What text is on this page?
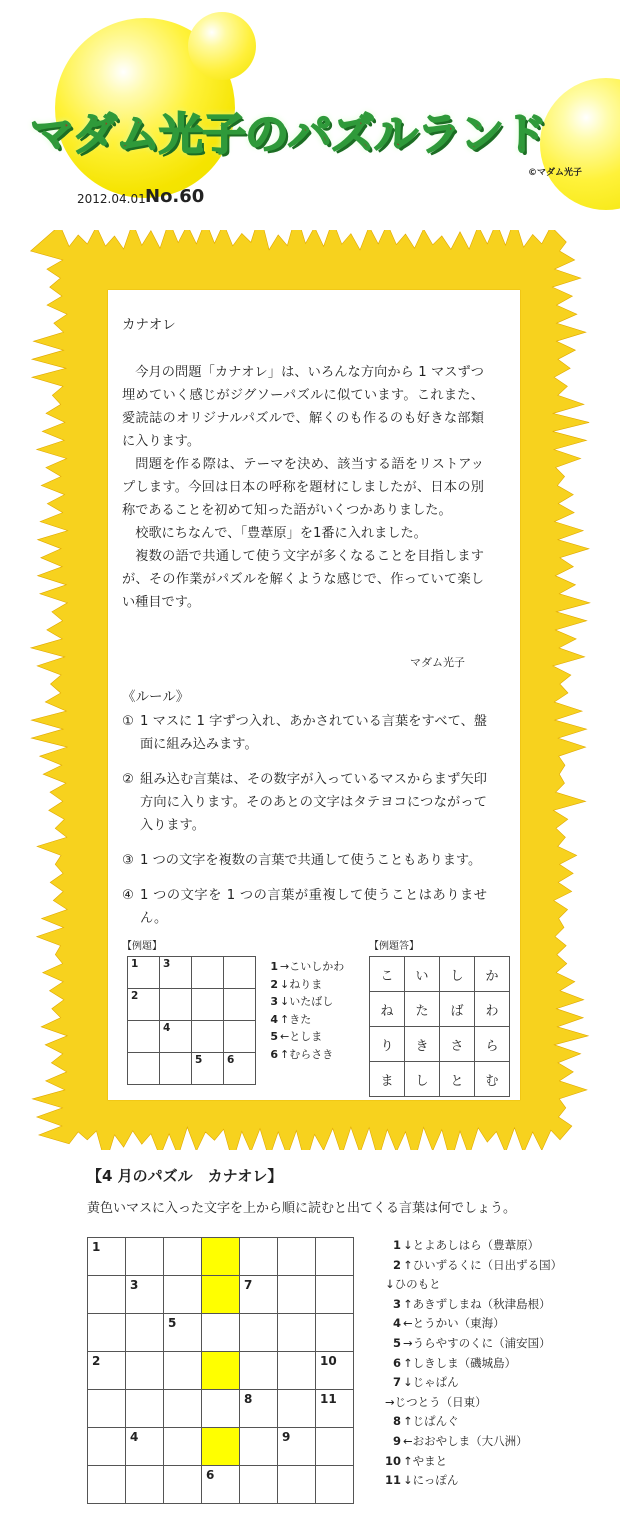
マダム光子のパズルランド
©マダム光子
2012.04.01 No.60
カナオレ

今月の問題「カナオレ」は、いろんな方向から 1 マスずつ埋めていく感じがジグソーパズルに似ています。これまた、愛読誌のオリジナルパズルで、解くのも作るのも好きな部類に入ります。

問題を作る際は、テーマを決め、該当する語をリストアップします。今回は日本の呼称を題材にしましたが、日本の別称であることを初めて知った語がいくつかありました。

校歌にちなんで、「豊葦原」を1番に入れました。

複数の語で共通して使う文字が多くなることを目指しますが、その作業がパズルを解くような感じで、作っていて楽しい種目です。

マダム光子
《ルール》
① 1 マスに 1 字ずつ入れ、あかされている言葉をすべて、盤面に組み込みます。
② 組み込む言葉は、その数字が入っているマスからまず矢印方向に入ります。そのあとの文字はタテヨコにつながって入ります。
③ 1 つの文字を複数の言葉で共通して使うこともあります。
④ 1 つの文字を 1 つの言葉が重複して使うことはありません。
【例題】
1	3		

2			

	4		

		5	6
1 →こいしかわ
2 ↓ねりま
3 ↓いたばし
4 ↑きた
5 ←としま
6 ↑むらさき
【例題答】
こ	い	し	か
ね	た	ば	わ
り	き	さ	ら
ま	し	と	む
【4 月のパズル　カナオレ】
黄色いマスに入った文字を上から順に読むと出てくる言葉は何でしょう。
1						

	3			7		

		5				

2						10

				8		11

	4				9	

			6			

1 ↓とよあしはら（豊葦原）
2 ↑ひいずるくに（日出ずる国）
↓ひのもと
3 ↑あきずしまね（秋津島根）
4 ←とうかい（東海）
5 →うらやすのくに（浦安国）
6 ↑しきしま（磯城島）
7 ↓じゃぱん
→じつとう（日東）
8 ↑じぱんぐ
9 ←おおやしま（大八洲）
10 ↑やまと
11 ↓にっぽん
